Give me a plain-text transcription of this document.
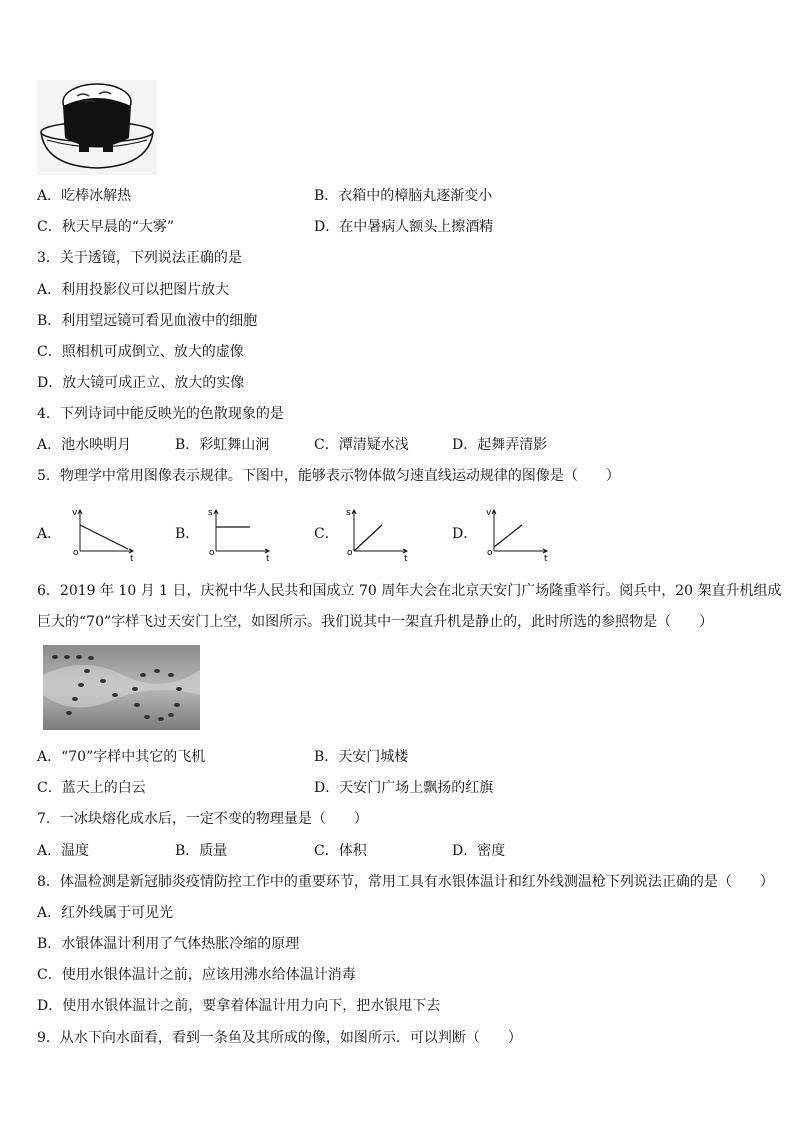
A．吃棒冰解热	B．衣箱中的樟脑丸逐渐变小
C．秋天早晨的“大雾”	D．在中暑病人额头上擦酒精
3．关于透镜，下列说法正确的是
A．利用投影仪可以把图片放大
B．利用望远镜可看见血液中的细胞
C．照相机可成倒立、放大的虚像
D．放大镜可成正立、放大的实像
4．下列诗词中能反映光的色散现象的是
A．池水映明月	B．彩虹舞山涧	C．潭清疑水浅	D．起舞弄清影
5．物理学中常用图像表示规律。下图中，能够表示物体做匀速直线运动规律的图像是（　　）
A．
v
t
o
B．
s
t
o
C．
s
t
o
D．
v
t
o
6．2019 年 10 月 1 日，庆祝中华人民共和国成立 70 周年大会在北京天安门广场隆重举行。阅兵中，20 架直升机组成
巨大的“70”字样飞过天安门上空，如图所示。我们说其中一架直升机是静止的，此时所选的参照物是（　　）
A．“70”字样中其它的飞机	B．天安门城楼
C．蓝天上的白云	D．天安门广场上飘扬的红旗
7．一冰块熔化成水后，一定不变的物理量是（　　）
A．温度	B．质量	C．体积	D．密度
8．体温检测是新冠肺炎疫情防控工作中的重要环节，常用工具有水银体温计和红外线测温枪下列说法正确的是（　　）
A．红外线属于可见光
B．水银体温计利用了气体热胀冷缩的原理
C．使用水银体温计之前，应该用沸水给体温计消毒
D．使用水银体温计之前，要拿着体温计用力向下，把水银甩下去
9．从水下向水面看，看到一条鱼及其所成的像，如图所示．可以判断（　　）
